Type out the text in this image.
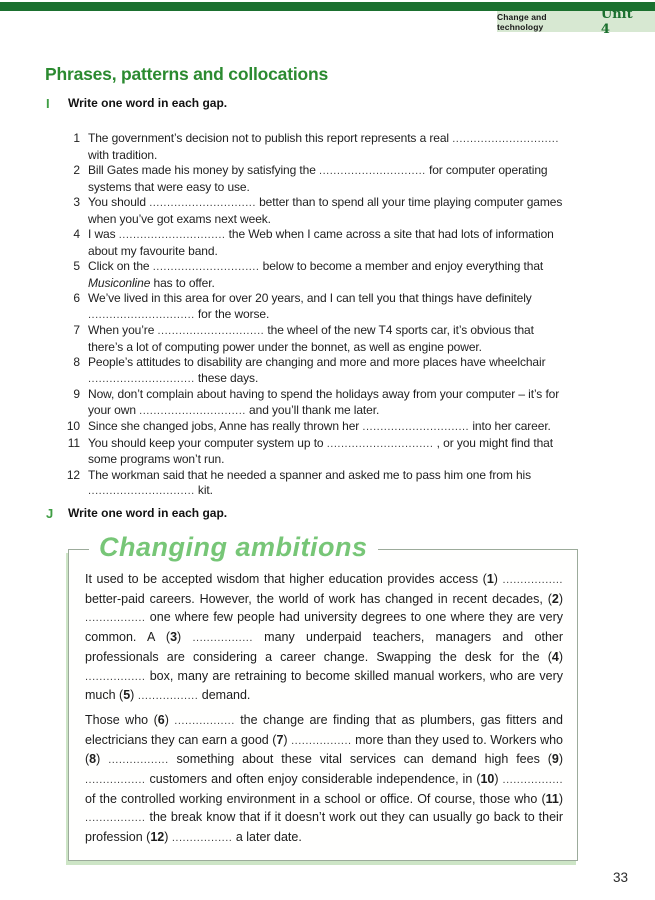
Change and technology
Unit 4
Phrases, patterns and collocations
I	Write one word in each gap.
1 The government’s decision not to publish this report represents a real .............................. with tradition.
2 Bill Gates made his money by satisfying the .............................. for computer operating systems that were easy to use.
3 You should .............................. better than to spend all your time playing computer games when you’ve got exams next week.
4 I was .............................. the Web when I came across a site that had lots of information about my favourite band.
5 Click on the .............................. below to become a member and enjoy everything that Musiconline has to offer.
6 We’ve lived in this area for over 20 years, and I can tell you that things have definitely .............................. for the worse.
7 When you’re .............................. the wheel of the new T4 sports car, it’s obvious that there’s a lot of computing power under the bonnet, as well as engine power.
8 People’s attitudes to disability are changing and more and more places have wheelchair .............................. these days.
9 Now, don’t complain about having to spend the holidays away from your computer – it’s for your own .............................. and you’ll thank me later.
10 Since she changed jobs, Anne has really thrown her .............................. into her career.
11 You should keep your computer system up to .............................. , or you might find that some programs won’t run.
12 The workman said that he needed a spanner and asked me to pass him one from his .............................. kit.
J	Write one word in each gap.
Changing ambitions

It used to be accepted wisdom that higher education provides access (1) ................. better-paid careers. However, the world of work has changed in recent decades, (2) ................. one where few people had university degrees to one where they are very common. A (3) ................. many underpaid teachers, managers and other professionals are considering a career change. Swapping the desk for the (4) ................. box, many are retraining to become skilled manual workers, who are very much (5) ................. demand.

Those who (6) ................. the change are finding that as plumbers, gas fitters and electricians they can earn a good (7) ................. more than they used to. Workers who (8) ................. something about these vital services can demand high fees (9) ................. customers and often enjoy considerable independence, in (10) ................. of the controlled working environment in a school or office. Of course, those who (11) ................. the break know that if it doesn’t work out they can usually go back to their profession (12) ................. a later date.

33
